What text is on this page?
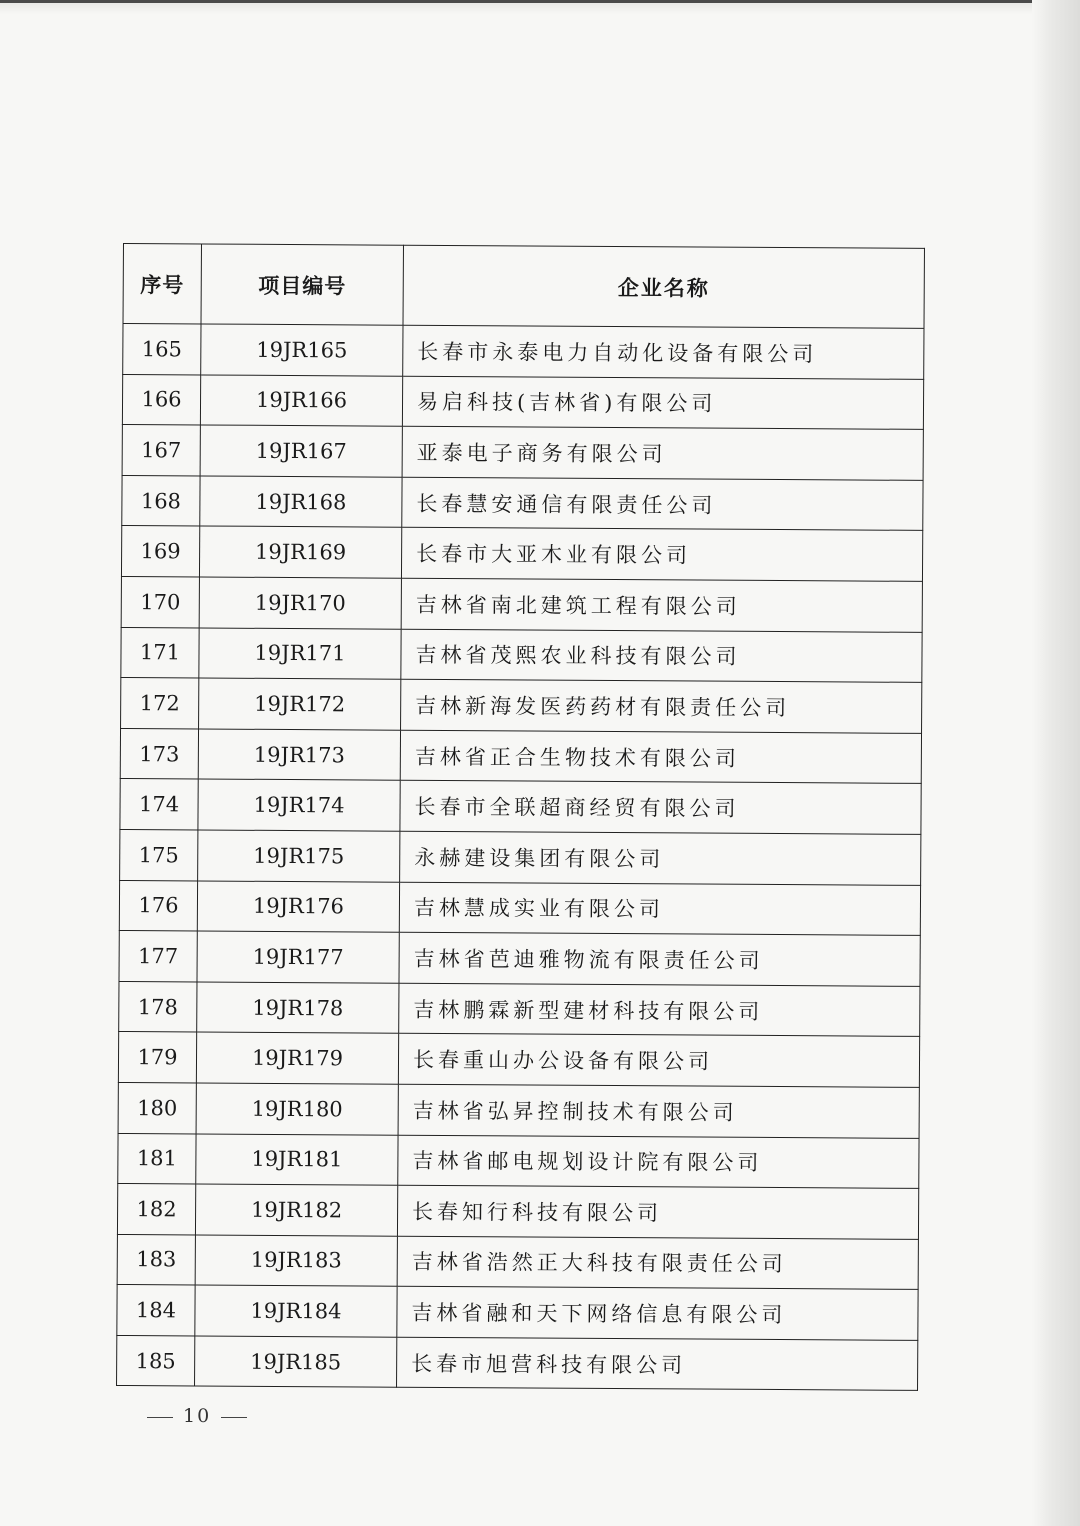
序号	项目编号	企业名称
165	19JR165	长春市永泰电力自动化设备有限公司
166	19JR166	易启科技(吉林省)有限公司
167	19JR167	亚泰电子商务有限公司
168	19JR168	长春慧安通信有限责任公司
169	19JR169	长春市大亚木业有限公司
170	19JR170	吉林省南北建筑工程有限公司
171	19JR171	吉林省茂熙农业科技有限公司
172	19JR172	吉林新海发医药药材有限责任公司
173	19JR173	吉林省正合生物技术有限公司
174	19JR174	长春市全联超商经贸有限公司
175	19JR175	永赫建设集团有限公司
176	19JR176	吉林慧成实业有限公司
177	19JR177	吉林省芭迪雅物流有限责任公司
178	19JR178	吉林鹏霖新型建材科技有限公司
179	19JR179	长春重山办公设备有限公司
180	19JR180	吉林省弘昇控制技术有限公司
181	19JR181	吉林省邮电规划设计院有限公司
182	19JR182	长春知行科技有限公司
183	19JR183	吉林省浩然正大科技有限责任公司
184	19JR184	吉林省融和天下网络信息有限公司
185	19JR185	长春市旭营科技有限公司
10
